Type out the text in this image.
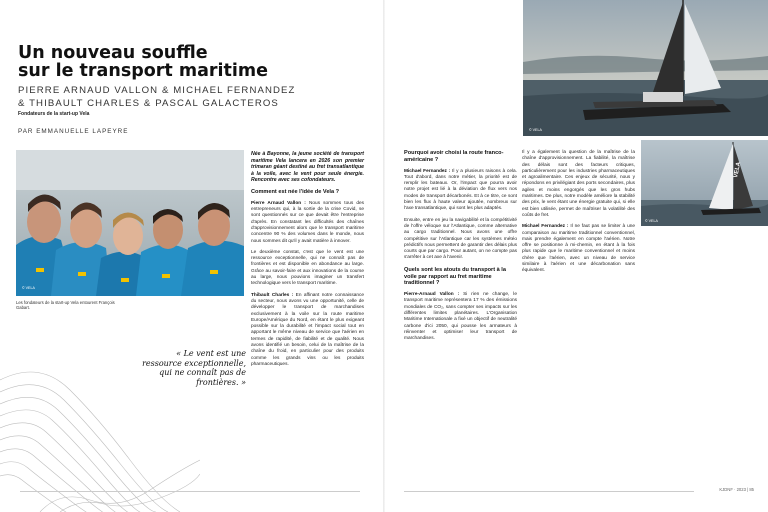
Un nouveau souffle
sur le transport maritime
PIERRE ARNAUD VALLON & MICHAEL FERNANDEZ
& THIBAULT CHARLES & PASCAL GALACTEROS
Fondateurs de la start-up Vela
PAR EMMANUELLE LAPEYRE
© VELA
Les fondateurs de la start-up Vela entourent François Gabart.
« Le vent est une ressource exceptionnelle, qui ne connaît pas de frontières. »

Née à Bayonne, la jeune société de transport maritime Vela lancera en 2026 son premier trimaran géant destiné au fret transatlantique à la voile, avec le vent pour seule énergie. Rencontre avec ses cofondateurs.

Comment est née l'idée de Vela ?

Pierre Arnaud Vallon : Nous sommes tous des entrepreneurs qui, à la sortie de la crise Covid, se sont questionnés sur ce que devait être l'entreprise d'après. En constatant les difficultés des chaînes d'approvisionnement alors que le transport maritime concentre 90 % des volumes dans le monde, nous nous sommes dit qu'il y avait matière à innover.

Le deuxième constat, c'est que le vent est une ressource exceptionnelle, qui ne connaît pas de frontières et est disponible en abondance au large. Grâce au savoir-faire et aux innovations de la course au large, nous pouvions imaginer un transfert technologique vers le transport maritime.

Thibault Charles : En affinant notre connaissance du secteur, nous avons vu une opportunité, celle de développer le transport de marchandises exclusivement à la voile sur la route maritime Europe/Amérique du Nord, en étant le plus exigeant possible sur la durabilité et l'impact social tout en apportant le même niveau de service que l'aérien en termes de rapidité, de fiabilité et de qualité. Nous avons identifié un besoin, celui de la maîtrise de la chaîne du froid, en particulier pour des produits comme les grands vins ou les produits pharmaceutiques.

Pourquoi avoir choisi la route franco-américaine ?

Michael Fernandez : Il y a plusieurs raisons à cela. Tout d'abord, dans notre métier, la priorité est de remplir les bateaux. Or, l'impact que pourra avoir notre projet est lié à la déviation de flux vers nos modes de transport décarbonés. Et à ce titre, ce sont bien les flux à haute valeur ajoutée, nombreux sur l'axe transatlantique, qui sont les plus adaptés.

Ensuite, entre en jeu la navigabilité et la compétitivité de l'offre véloque sur l'Atlantique, comme alternative au cargo traditionnel. Nous avons une offre compétitive sur l'Atlantique car les systèmes météo prédictifs nous permettent de garantir des délais plus courts que par cargo. Pour autant, on ne compte pas s'arrêter à cet axe à l'avenir.

Quels sont les atouts du transport à la voile par rapport au fret maritime traditionnel ?

Pierre-Arnaud Vallon : Si rien ne change, le transport maritime représentera 17 % des émissions mondiales de CO₂, sans compter ses impacts sur les différentes limites planétaires. L'Organisation Maritime Internationale a fixé un objectif de neutralité carbone d'ici 2050, qui pousse les armateurs à réinventer et optimiser leur transport de marchandises.

Il y a également la question de la maîtrise de la chaîne d'approvisionnement. La fiabilité, la maîtrise des délais sont des facteurs critiques, particulièrement pour les industries pharmaceutiques et agroalimentaire. Ces enjeux de sécurité, nous y répondons en privilégiant des ports secondaires, plus agiles et moins engorgés que les gros hubs maritimes. De plus, notre modèle améliore la stabilité des prix, le vent étant une énergie gratuite qui, si elle est bien utilisée, permet de maîtriser la volatilité des coûts de fret.

Michael Fernandez : Il ne faut pas se limiter à une comparaison au maritime traditionnel conventionnel, mais prendre également en compte l'aérien. Notre offre se positionne à mi-chemin, en étant à la fois plus rapide que le maritime conventionnel et moins chère que l'aérien, avec un niveau de service similaire à l'aérien et une décarbonation sans équivalent.

© VELA
VELA
© VELA
KJDNF · 2023 | 85
